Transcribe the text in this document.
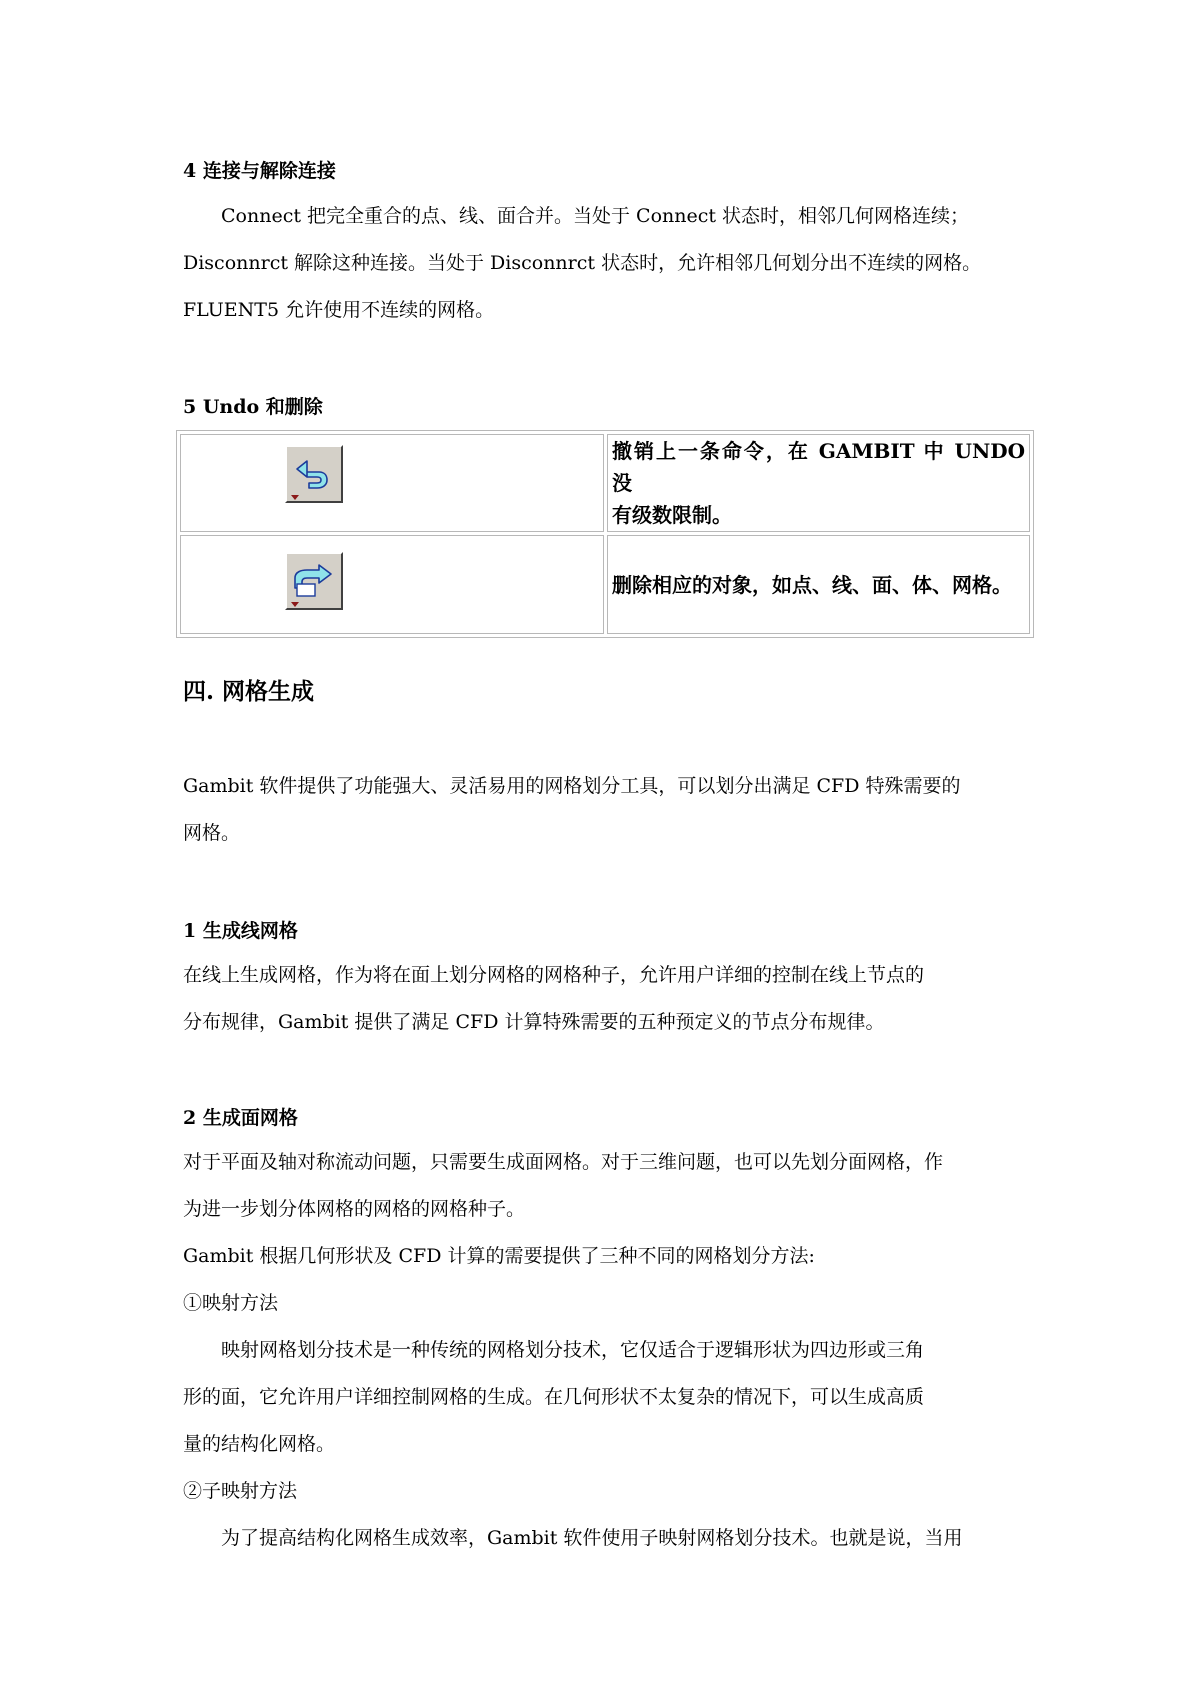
4 连接与解除连接
Connect 把完全重合的点、线、面合并。当处于 Connect 状态时，相邻几何网格连续；
Disconnrct 解除这种连接。当处于 Disconnrct 状态时，允许相邻几何划分出不连续的网格。
FLUENT5 允许使用不连续的网格。
5 Undo 和删除

撤销上一条命令，在 GAMBIT 中 UNDO 没
有级数限制。

删除相应的对象，如点、线、面、体、网格。
四. 网格生成
Gambit 软件提供了功能强大、灵活易用的网格划分工具，可以划分出满足 CFD 特殊需要的
网格。
1 生成线网格
在线上生成网格，作为将在面上划分网格的网格种子，允许用户详细的控制在线上节点的
分布规律，Gambit 提供了满足 CFD 计算特殊需要的五种预定义的节点分布规律。
2 生成面网格
对于平面及轴对称流动问题，只需要生成面网格。对于三维问题，也可以先划分面网格，作
为进一步划分体网格的网格的网格种子。
Gambit 根据几何形状及 CFD 计算的需要提供了三种不同的网格划分方法:
①映射方法
映射网格划分技术是一种传统的网格划分技术，它仅适合于逻辑形状为四边形或三角
形的面，它允许用户详细控制网格的生成。在几何形状不太复杂的情况下，可以生成高质
量的结构化网格。
②子映射方法
为了提高结构化网格生成效率，Gambit 软件使用子映射网格划分技术。也就是说，当用
